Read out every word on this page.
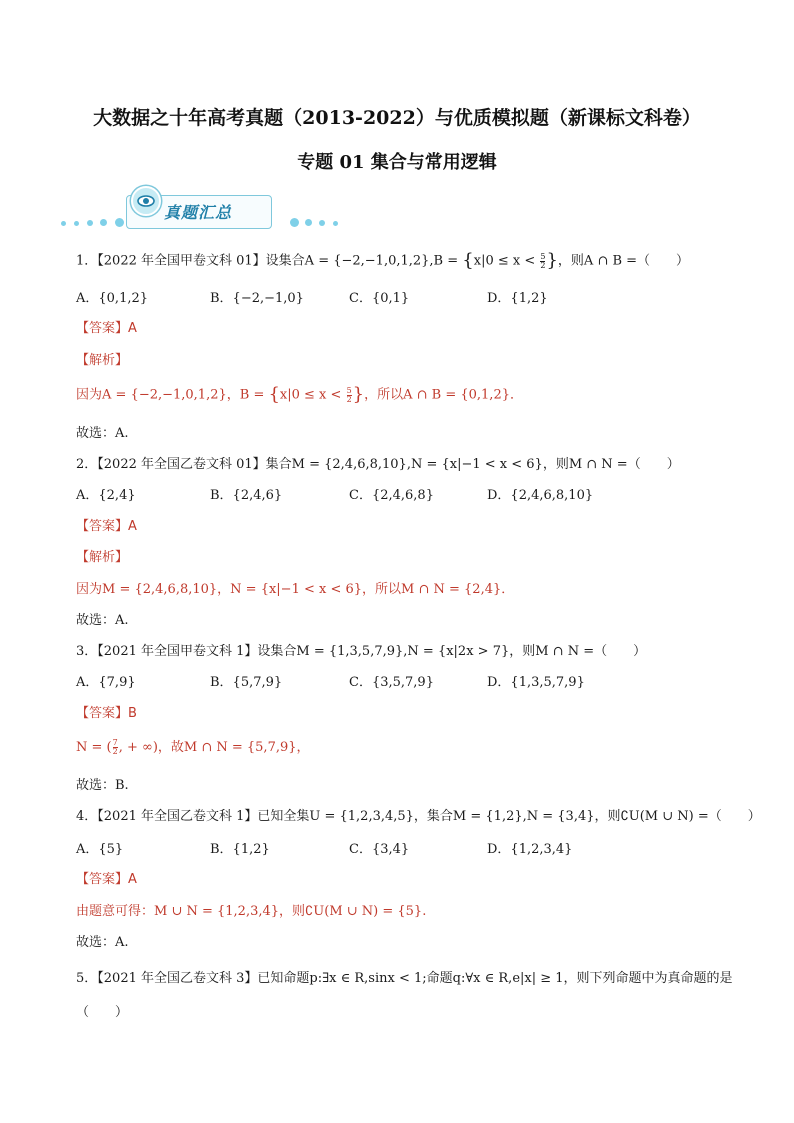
大数据之十年高考真题（2013-2022）与优质模拟题（新课标文科卷）
专题 01 集合与常用逻辑
真题汇总
1．【2022 年全国甲卷文科 01】设集合$A = \{-2,-1,0,1,2\},B = \{x|0 \le x < \frac{5}{2}$ }，则A ∩ B =（　　）
A．{0,1,2}	B．{−2,−1,0}	C．{0,1}	D．{1,2}
【答案】A
【解析】
因为A = {−2,−1,0,1,2}，$B = \{x|0 \le x < \frac{5}{2}$ }，所以A ∩ B = {0,1,2}．
故选：A.
2．【2022 年全国乙卷文科 01】集合M = {2,4,6,8,10},N = {x|−1 < x < 6}，则M ∩ N =（　　）
A．{2,4}	B．{2,4,6}	C．{2,4,6,8}	D．{2,4,6,8,10}
【答案】A
【解析】
因为M = {2,4,6,8,10}，N = {x|−1 < x < 6}，所以M ∩ N = {2,4}．
故选：A.
3．【2021 年全国甲卷文科 1】设集合M = {1,3,5,7,9},N = {x|2x > 7}，则M ∩ N =（　　）
A．{7,9}	B．{5,7,9}	C．{3,5,7,9}	D．{1,3,5,7,9}
【答案】B
N = ( $\frac{7}{2}$ , + ∞)，故M ∩ N = {5,7,9}，
故选：B.
4．【2021 年全国乙卷文科 1】已知全集U = {1,2,3,4,5}，集合M = {1,2},N = {3,4}，则∁U(M ∪ N) =（　　）
A．{5}	B．{1,2}	C．{3,4}	D．{1,2,3,4}
【答案】A
由题意可得：M ∪ N = {1,2,3,4}，则∁U(M ∪ N) = {5}.
故选：A.
5．【2021 年全国乙卷文科 3】已知命题p:∃x ∈ R,sinx < 1;命题q:∀x ∈ R,e|x| ≥ 1，则下列命题中为真命题的是
（　　）
